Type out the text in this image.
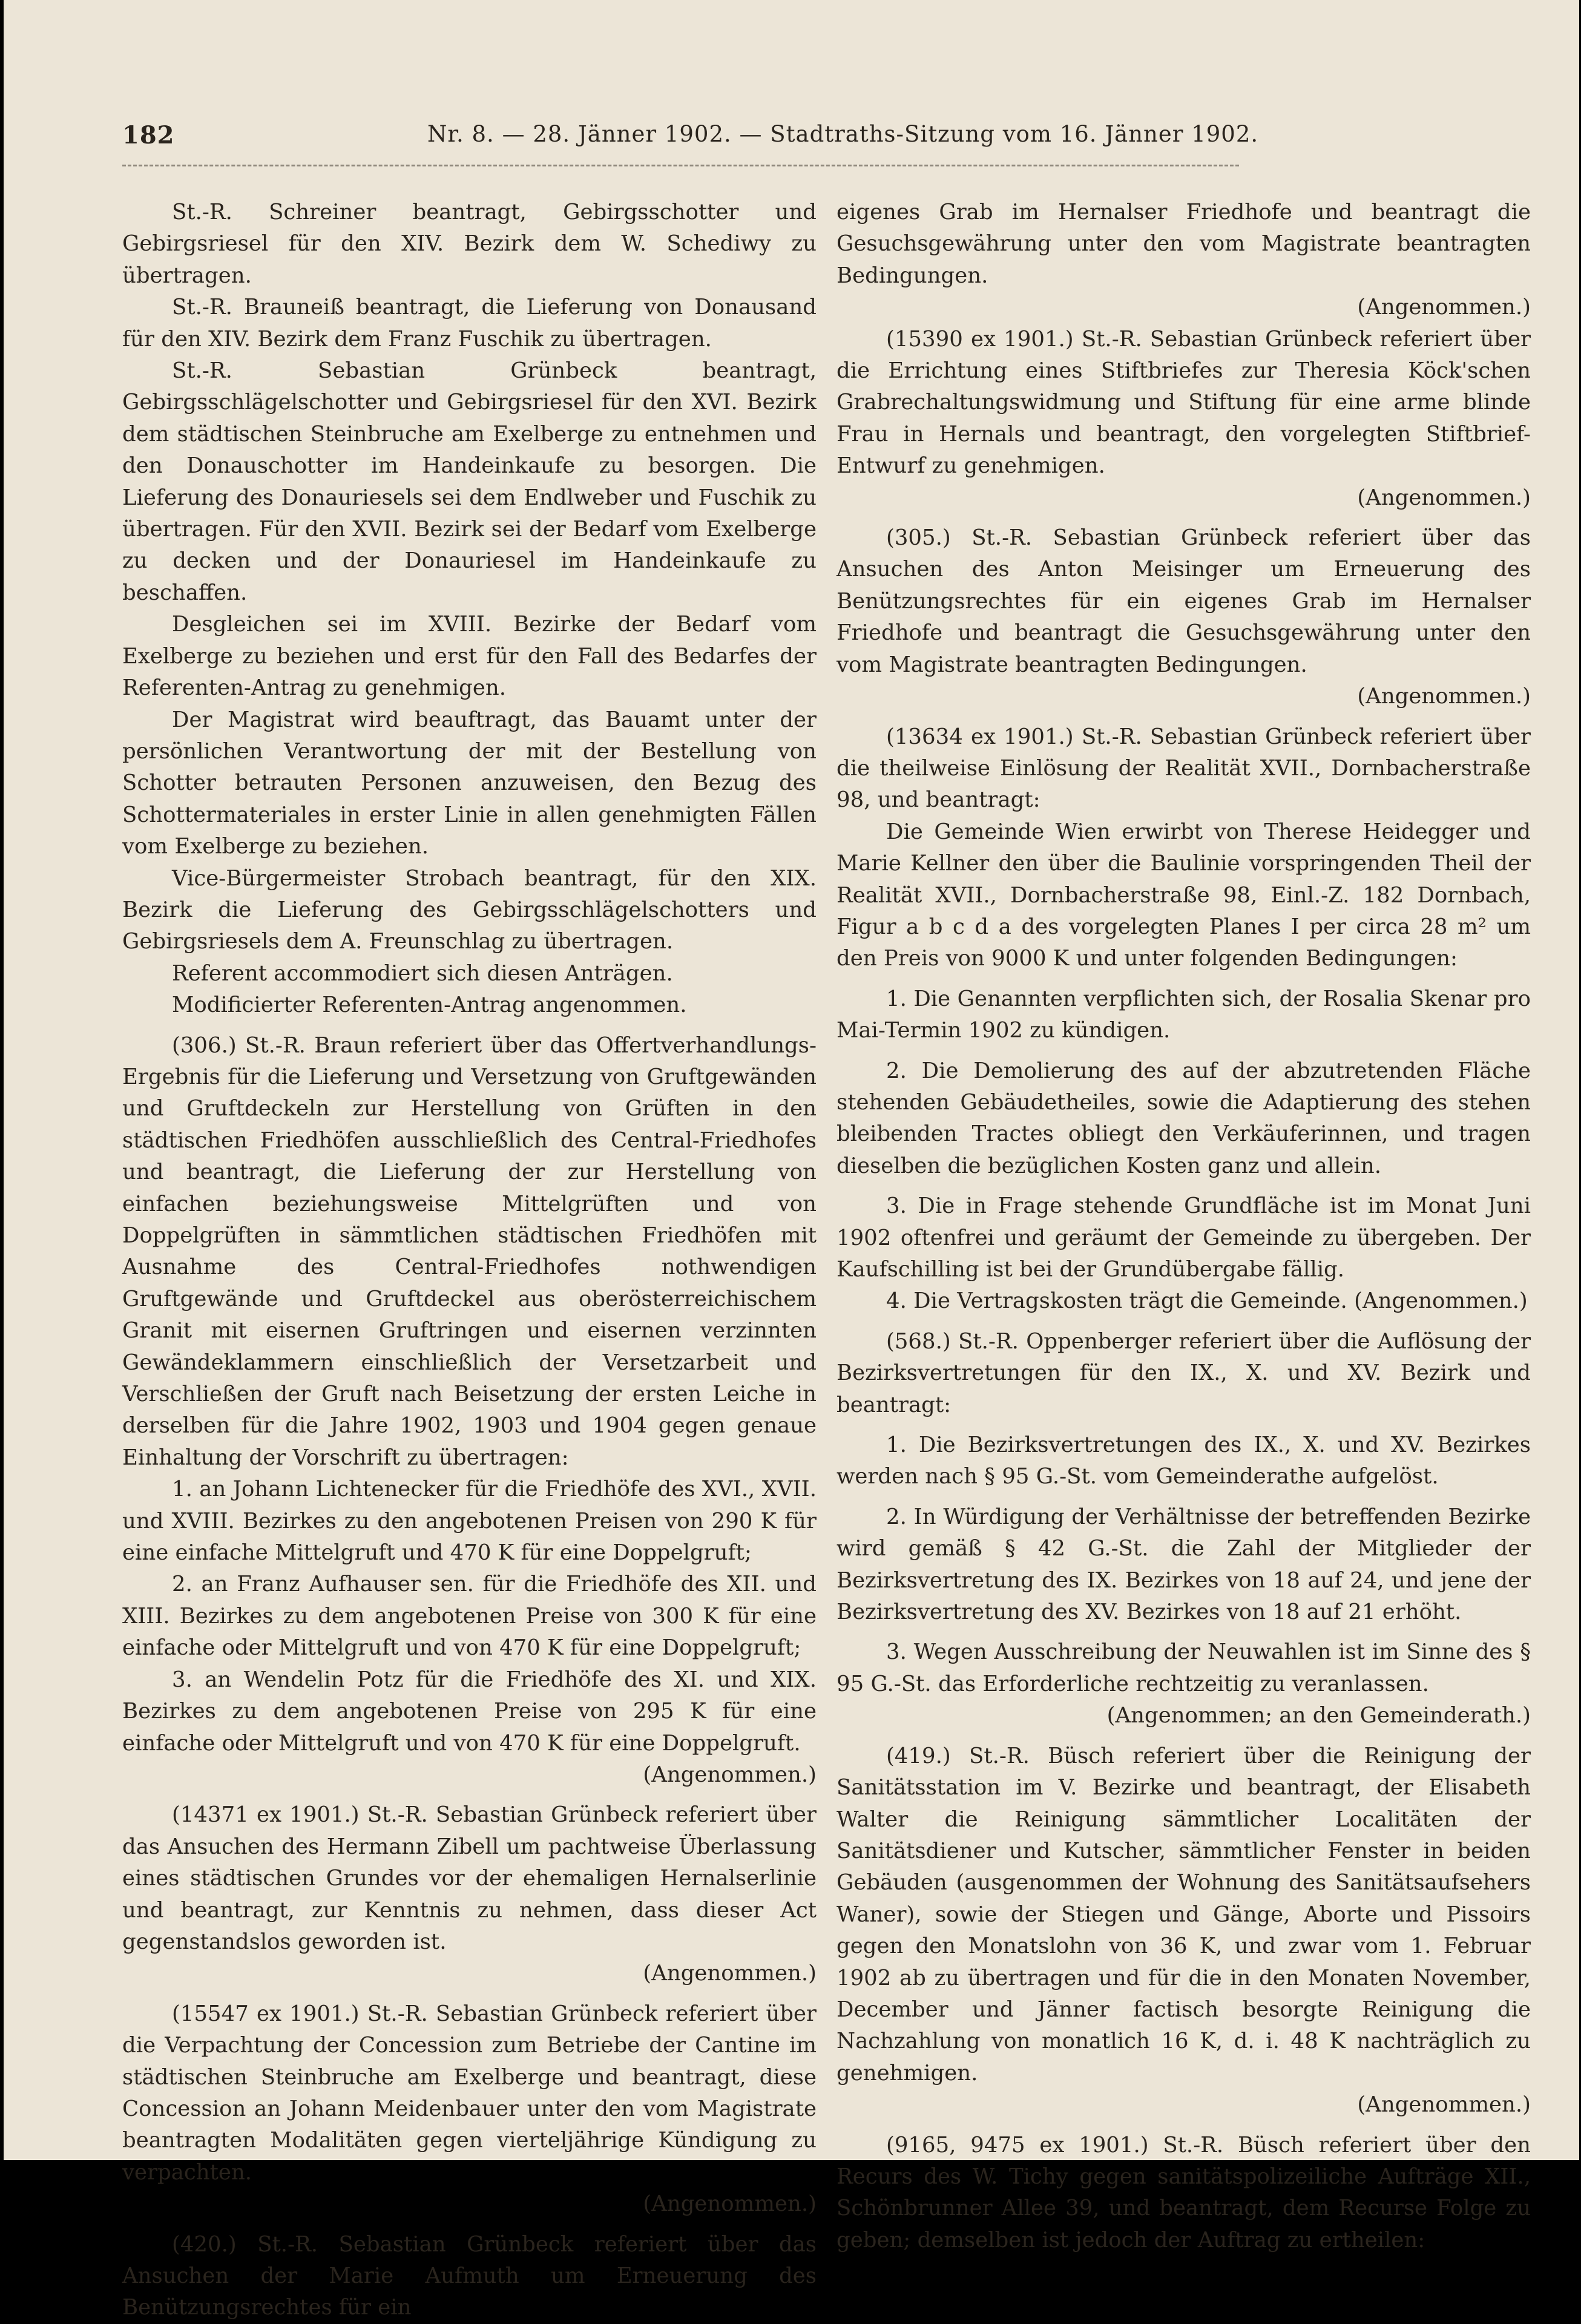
182	Nr. 8. — 28. Jänner 1902. — Stadtraths-Sitzung vom 16. Jänner 1902.

St.-R. Schreiner beantragt, Gebirgsschotter und Gebirgsriesel für den XIV. Bezirk dem W. Schediwy zu übertragen.

St.-R. Brauneiß beantragt, die Lieferung von Donausand für den XIV. Bezirk dem Franz Fuschik zu übertragen.

St.-R. Sebastian Grünbeck beantragt, Gebirgsschlägelschotter und Gebirgsriesel für den XVI. Bezirk dem städtischen Steinbruche am Exelberge zu entnehmen und den Donauschotter im Handeinkaufe zu besorgen. Die Lieferung des Donauriesels sei dem Endlweber und Fuschik zu übertragen. Für den XVII. Bezirk sei der Bedarf vom Exelberge zu decken und der Donauriesel im Handeinkaufe zu beschaffen.

Desgleichen sei im XVIII. Bezirke der Bedarf vom Exelberge zu beziehen und erst für den Fall des Bedarfes der Referenten-Antrag zu genehmigen.

Der Magistrat wird beauftragt, das Bauamt unter der persönlichen Verantwortung der mit der Bestellung von Schotter betrauten Personen anzuweisen, den Bezug des Schottermateriales in erster Linie in allen genehmigten Fällen vom Exelberge zu beziehen.

Vice-Bürgermeister Strobach beantragt, für den XIX. Bezirk die Lieferung des Gebirgsschlägelschotters und Gebirgsriesels dem A. Freunschlag zu übertragen.

Referent accommodiert sich diesen Anträgen.

Modificierter Referenten-Antrag angenommen.

(306.) St.-R. Braun referiert über das Offertverhandlungs-Ergebnis für die Lieferung und Versetzung von Gruftgewänden und Gruftdeckeln zur Herstellung von Grüften in den städtischen Friedhöfen ausschließlich des Central-Friedhofes und beantragt, die Lieferung der zur Herstellung von einfachen beziehungsweise Mittelgrüften und von Doppelgrüften in sämmtlichen städtischen Friedhöfen mit Ausnahme des Central-Friedhofes nothwendigen Gruftgewände und Gruftdeckel aus oberösterreichischem Granit mit eisernen Gruftringen und eisernen verzinnten Gewändeklammern einschließlich der Versetzarbeit und Verschließen der Gruft nach Beisetzung der ersten Leiche in derselben für die Jahre 1902, 1903 und 1904 gegen genaue Einhaltung der Vorschrift zu übertragen:

1. an Johann Lichtenecker für die Friedhöfe des XVI., XVII. und XVIII. Bezirkes zu den angebotenen Preisen von 290 K für eine einfache Mittelgruft und 470 K für eine Doppelgruft;

2. an Franz Aufhauser sen. für die Friedhöfe des XII. und XIII. Bezirkes zu dem angebotenen Preise von 300 K für eine einfache oder Mittelgruft und von 470 K für eine Doppelgruft;

3. an Wendelin Potz für die Friedhöfe des XI. und XIX. Bezirkes zu dem angebotenen Preise von 295 K für eine einfache oder Mittelgruft und von 470 K für eine Doppelgruft.

(Angenommen.)

(14371 ex 1901.) St.-R. Sebastian Grünbeck referiert über das Ansuchen des Hermann Zibell um pachtweise Überlassung eines städtischen Grundes vor der ehemaligen Hernalserlinie und beantragt, zur Kenntnis zu nehmen, dass dieser Act gegenstandslos geworden ist.

(Angenommen.)

(15547 ex 1901.) St.-R. Sebastian Grünbeck referiert über die Verpachtung der Concession zum Betriebe der Cantine im städtischen Steinbruche am Exelberge und beantragt, diese Concession an Johann Meidenbauer unter den vom Magistrate beantragten Modalitäten gegen vierteljährige Kündigung zu verpachten.

(Angenommen.)

(420.) St.-R. Sebastian Grünbeck referiert über das Ansuchen der Marie Aufmuth um Erneuerung des Benützungsrechtes für ein

eigenes Grab im Hernalser Friedhofe und beantragt die Gesuchsgewährung unter den vom Magistrate beantragten Bedingungen.

(Angenommen.)

(15390 ex 1901.) St.-R. Sebastian Grünbeck referiert über die Errichtung eines Stiftbriefes zur Theresia Köck'schen Grabrechaltungswidmung und Stiftung für eine arme blinde Frau in Hernals und beantragt, den vorgelegten Stiftbrief-Entwurf zu genehmigen.

(Angenommen.)

(305.) St.-R. Sebastian Grünbeck referiert über das Ansuchen des Anton Meisinger um Erneuerung des Benützungsrechtes für ein eigenes Grab im Hernalser Friedhofe und beantragt die Gesuchsgewährung unter den vom Magistrate beantragten Bedingungen.

(Angenommen.)

(13634 ex 1901.) St.-R. Sebastian Grünbeck referiert über die theilweise Einlösung der Realität XVII., Dornbacherstraße 98, und beantragt:

Die Gemeinde Wien erwirbt von Therese Heidegger und Marie Kellner den über die Baulinie vorspringenden Theil der Realität XVII., Dornbacherstraße 98, Einl.-Z. 182 Dornbach, Figur a b c d a des vorgelegten Planes I per circa 28 m² um den Preis von 9000 K und unter folgenden Bedingungen:

1. Die Genannten verpflichten sich, der Rosalia Skenar pro Mai-Termin 1902 zu kündigen.

2. Die Demolierung des auf der abzutretenden Fläche stehenden Gebäudetheiles, sowie die Adaptierung des stehen bleibenden Tractes obliegt den Verkäuferinnen, und tragen dieselben die bezüglichen Kosten ganz und allein.

3. Die in Frage stehende Grundfläche ist im Monat Juni 1902 oftenfrei und geräumt der Gemeinde zu übergeben. Der Kaufschilling ist bei der Grundübergabe fällig.

4. Die Vertragskosten trägt die Gemeinde. (Angenommen.)

(568.) St.-R. Oppenberger referiert über die Auflösung der Bezirksvertretungen für den IX., X. und XV. Bezirk und beantragt:

1. Die Bezirksvertretungen des IX., X. und XV. Bezirkes werden nach § 95 G.-St. vom Gemeinderathe aufgelöst.

2. In Würdigung der Verhältnisse der betreffenden Bezirke wird gemäß § 42 G.-St. die Zahl der Mitglieder der Bezirksvertretung des IX. Bezirkes von 18 auf 24, und jene der Bezirksvertretung des XV. Bezirkes von 18 auf 21 erhöht.

3. Wegen Ausschreibung der Neuwahlen ist im Sinne des § 95 G.-St. das Erforderliche rechtzeitig zu veranlassen.

(Angenommen; an den Gemeinderath.)

(419.) St.-R. Büsch referiert über die Reinigung der Sanitätsstation im V. Bezirke und beantragt, der Elisabeth Walter die Reinigung sämmtlicher Localitäten der Sanitätsdiener und Kutscher, sämmtlicher Fenster in beiden Gebäuden (ausgenommen der Wohnung des Sanitätsaufsehers Waner), sowie der Stiegen und Gänge, Aborte und Pissoirs gegen den Monatslohn von 36 K, und zwar vom 1. Februar 1902 ab zu übertragen und für die in den Monaten November, December und Jänner factisch besorgte Reinigung die Nachzahlung von monatlich 16 K, d. i. 48 K nachträglich zu genehmigen.

(Angenommen.)

(9165, 9475 ex 1901.) St.-R. Büsch referiert über den Recurs des W. Tichy gegen sanitätspolizeiliche Aufträge XII., Schönbrunner Allee 39, und beantragt, dem Recurse Folge zu geben; demselben ist jedoch der Auftrag zu ertheilen:
